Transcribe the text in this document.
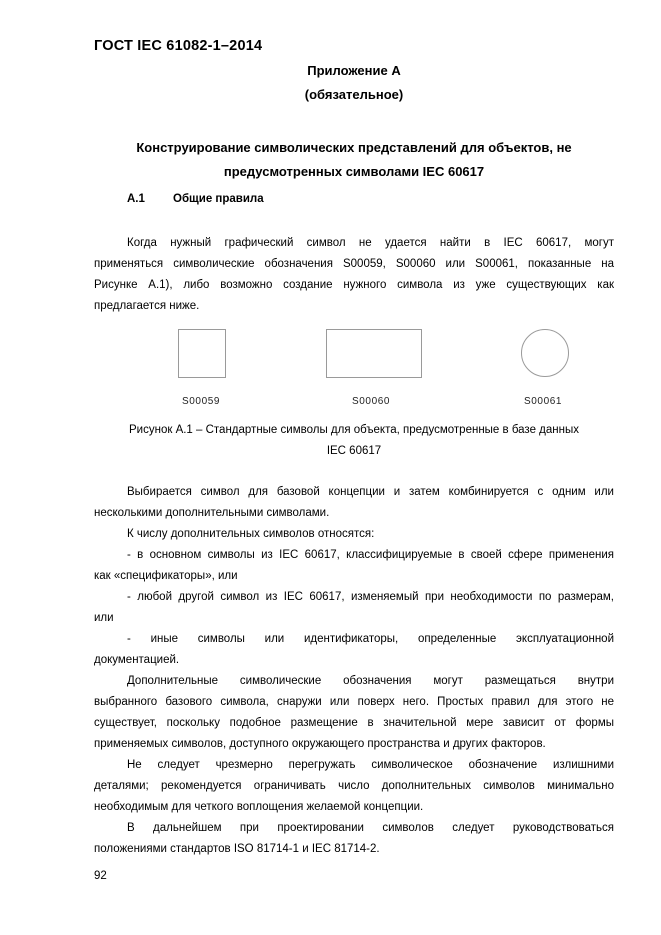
ГОСТ IEC 61082-1–2014
Приложение А
(обязательное)
Конструирование символических представлений для объектов, не
предусмотренных символами IEC 60617
А.1 Общие правила
Когда нужный графический символ не удается найти в IEC 60617, могут
применяться символические обозначения S00059, S00060 или S00061, показанные на
Рисунке А.1), либо возможно создание нужного символа из уже существующих как
предлагается ниже.
S00059	S00060	S00061
Рисунок А.1 – Стандартные символы для объекта, предусмотренные в базе данных
IEC 60617
Выбирается символ для базовой концепции и затем комбинируется с одним или
несколькими дополнительными символами.
К числу дополнительных символов относятся:
- в основном символы из IEC 60617, классифицируемые в своей сфере применения
как «спецификаторы», или
- любой другой символ из IEC 60617, изменяемый при необходимости по размерам,
или
- иные символы или идентификаторы, определенные эксплуатационной
документацией.
Дополнительные символические обозначения могут размещаться внутри
выбранного базового символа, снаружи или поверх него. Простых правил для этого не
существует, поскольку подобное размещение в значительной мере зависит от формы
применяемых символов, доступного окружающего пространства и других факторов.
Не следует чрезмерно перегружать символическое обозначение излишними
деталями; рекомендуется ограничивать число дополнительных символов минимально
необходимым для четкого воплощения желаемой концепции.
В дальнейшем при проектировании символов следует руководствоваться
положениями стандартов ISO 81714-1 и IEC 81714-2.
92
